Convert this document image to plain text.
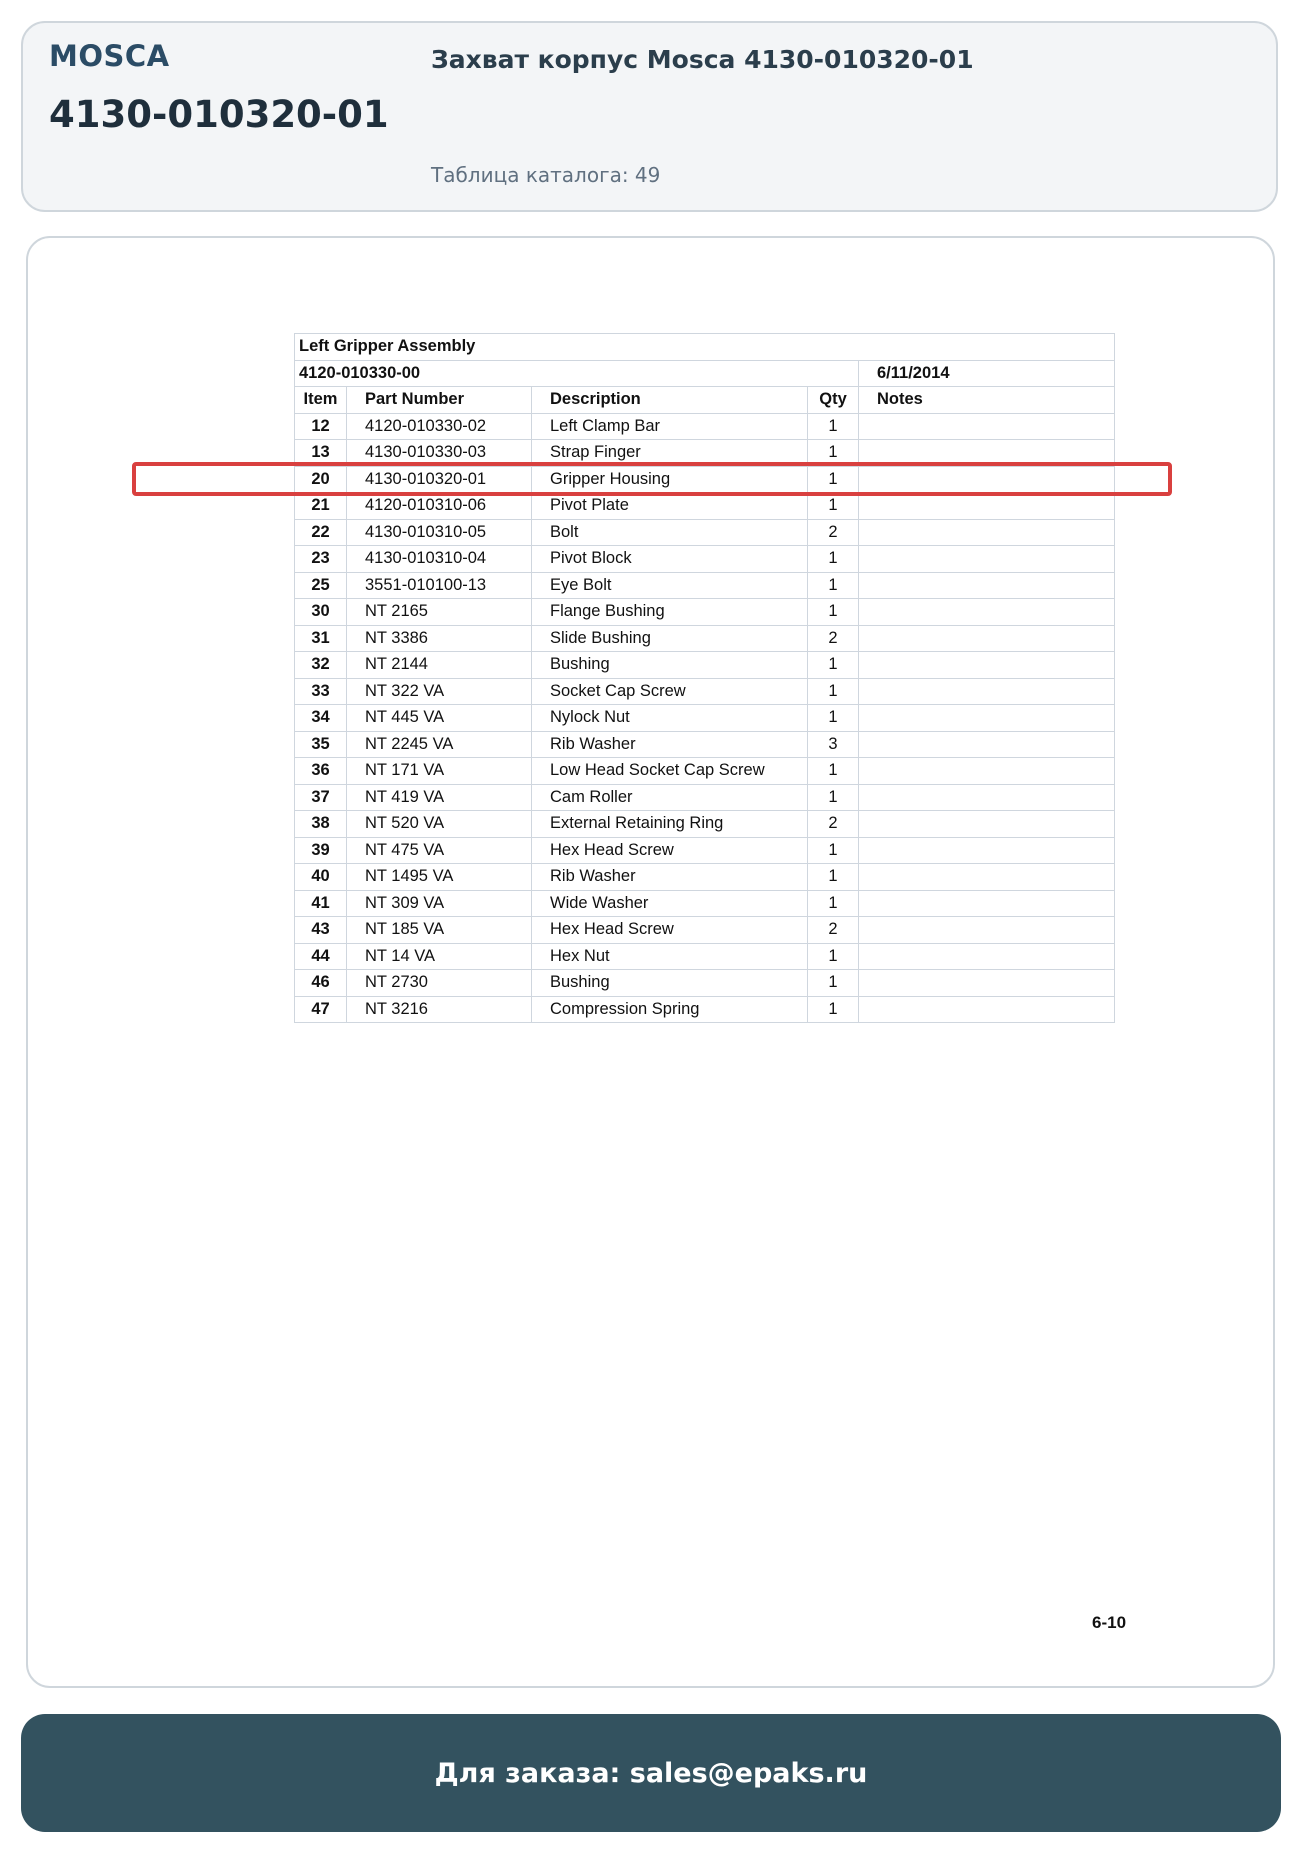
MOSCA
4130-010320-01
Захват корпус Mosca 4130-010320-01
Таблица каталога: 49
Left Gripper Assembly				
4120-010330-00				6/11/2014
Item	Part Number	Description	Qty	Notes
12	4120-010330-02	Left Clamp Bar	1	
13	4130-010330-03	Strap Finger	1	
20	4130-010320-01	Gripper Housing	1	
21	4120-010310-06	Pivot Plate	1	
22	4130-010310-05	Bolt	2	
23	4130-010310-04	Pivot Block	1	
25	3551-010100-13	Eye Bolt	1	
30	NT 2165	Flange Bushing	1	
31	NT 3386	Slide Bushing	2	
32	NT 2144	Bushing	1	
33	NT 322 VA	Socket Cap Screw	1	
34	NT 445 VA	Nylock Nut	1	
35	NT 2245 VA	Rib Washer	3	
36	NT 171 VA	Low Head Socket Cap Screw	1	
37	NT 419 VA	Cam Roller	1	
38	NT 520 VA	External Retaining Ring	2	
39	NT 475 VA	Hex Head Screw	1	
40	NT 1495 VA	Rib Washer	1	
41	NT 309 VA	Wide Washer	1	
43	NT 185 VA	Hex Head Screw	2	
44	NT 14 VA	Hex Nut	1	
46	NT 2730	Bushing	1	
47	NT 3216	Compression Spring	1	
6-10
Для заказа: sales@epaks.ru
